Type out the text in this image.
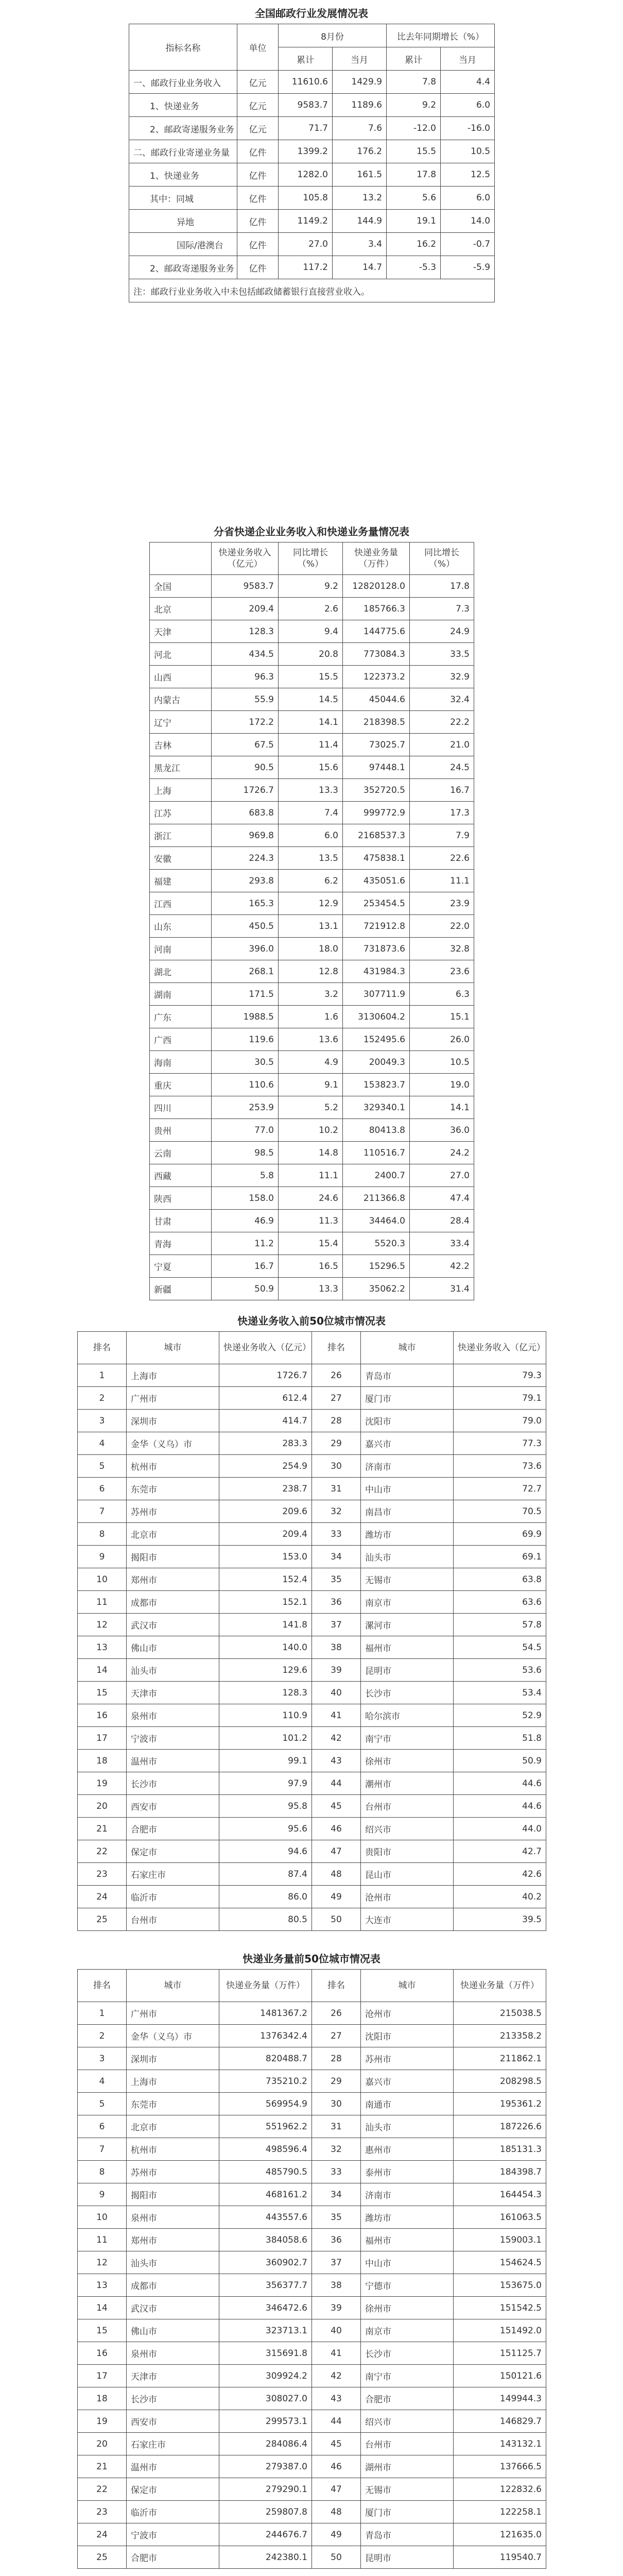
全国邮政行业发展情况表
指标名称	单位	8月份		比去年同期增长（%）	
		累计	当月	累计	当月
一、邮政行业业务收入	亿元	11610.6	1429.9	7.8	4.4
1、快递业务	亿元	9583.7	1189.6	9.2	6.0
2、邮政寄递服务业务	亿元	71.7	7.6	-12.0	-16.0
二、邮政行业寄递业务量	亿件	1399.2	176.2	15.5	10.5
1、快递业务	亿件	1282.0	161.5	17.8	12.5
其中：同城	亿件	105.8	13.2	5.6	6.0
异地	亿件	1149.2	144.9	19.1	14.0
国际/港澳台	亿件	27.0	3.4	16.2	-0.7
2、邮政寄递服务业务	亿件	117.2	14.7	-5.3	-5.9
注：邮政行业业务收入中未包括邮政储蓄银行直接营业收入。					
分省快递企业业务收入和快递业务量情况表
	快递业务收入（亿元）	同比增长（%）	快递业务量（万件）	同比增长（%）
全国	9583.7	9.2	12820128.0	17.8
北京	209.4	2.6	185766.3	7.3
天津	128.3	9.4	144775.6	24.9
河北	434.5	20.8	773084.3	33.5
山西	96.3	15.5	122373.2	32.9
内蒙古	55.9	14.5	45044.6	32.4
辽宁	172.2	14.1	218398.5	22.2
吉林	67.5	11.4	73025.7	21.0
黑龙江	90.5	15.6	97448.1	24.5
上海	1726.7	13.3	352720.5	16.7
江苏	683.8	7.4	999772.9	17.3
浙江	969.8	6.0	2168537.3	7.9
安徽	224.3	13.5	475838.1	22.6
福建	293.8	6.2	435051.6	11.1
江西	165.3	12.9	253454.5	23.9
山东	450.5	13.1	721912.8	22.0
河南	396.0	18.0	731873.6	32.8
湖北	268.1	12.8	431984.3	23.6
湖南	171.5	3.2	307711.9	6.3
广东	1988.5	1.6	3130604.2	15.1
广西	119.6	13.6	152495.6	26.0
海南	30.5	4.9	20049.3	10.5
重庆	110.6	9.1	153823.7	19.0
四川	253.9	5.2	329340.1	14.1
贵州	77.0	10.2	80413.8	36.0
云南	98.5	14.8	110516.7	24.2
西藏	5.8	11.1	2400.7	27.0
陕西	158.0	24.6	211366.8	47.4
甘肃	46.9	11.3	34464.0	28.4
青海	11.2	15.4	5520.3	33.4
宁夏	16.7	16.5	15296.5	42.2
新疆	50.9	13.3	35062.2	31.4
快递业务收入前50位城市情况表
排名	城市	快递业务收入（亿元）	排名	城市	快递业务收入（亿元）
1	上海市	1726.7	26	青岛市	79.3
2	广州市	612.4	27	厦门市	79.1
3	深圳市	414.7	28	沈阳市	79.0
4	金华（义乌）市	283.3	29	嘉兴市	77.3
5	杭州市	254.9	30	济南市	73.6
6	东莞市	238.7	31	中山市	72.7
7	苏州市	209.6	32	南昌市	70.5
8	北京市	209.4	33	潍坊市	69.9
9	揭阳市	153.0	34	汕头市	69.1
10	郑州市	152.4	35	无锡市	63.8
11	成都市	152.1	36	南京市	63.6
12	武汉市	141.8	37	漯河市	57.8
13	佛山市	140.0	38	福州市	54.5
14	汕头市	129.6	39	昆明市	53.6
15	天津市	128.3	40	长沙市	53.4
16	泉州市	110.9	41	哈尔滨市	52.9
17	宁波市	101.2	42	南宁市	51.8
18	温州市	99.1	43	徐州市	50.9
19	长沙市	97.9	44	潮州市	44.6
20	西安市	95.8	45	台州市	44.6
21	合肥市	95.6	46	绍兴市	44.0
22	保定市	94.6	47	贵阳市	42.7
23	石家庄市	87.4	48	昆山市	42.6
24	临沂市	86.0	49	沧州市	40.2
25	台州市	80.5	50	大连市	39.5
快递业务量前50位城市情况表
排名	城市	快递业务量（万件）	排名	城市	快递业务量（万件）
1	广州市	1481367.2	26	沧州市	215038.5
2	金华（义乌）市	1376342.4	27	沈阳市	213358.2
3	深圳市	820488.7	28	苏州市	211862.1
4	上海市	735210.2	29	嘉兴市	208298.5
5	东莞市	569954.9	30	南通市	195361.2
6	北京市	551962.2	31	汕头市	187226.6
7	杭州市	498596.4	32	惠州市	185131.3
8	苏州市	485790.5	33	泰州市	184398.7
9	揭阳市	468161.2	34	济南市	164454.3
10	泉州市	443557.6	35	潍坊市	161063.5
11	郑州市	384058.6	36	福州市	159003.1
12	汕头市	360902.7	37	中山市	154624.5
13	成都市	356377.7	38	宁德市	153675.0
14	武汉市	346472.6	39	徐州市	151542.5
15	佛山市	323713.1	40	南京市	151492.0
16	泉州市	315691.8	41	长沙市	151125.7
17	天津市	309924.2	42	南宁市	150121.6
18	长沙市	308027.0	43	合肥市	149944.3
19	西安市	299573.1	44	绍兴市	146829.7
20	石家庄市	284086.4	45	台州市	143132.1
21	温州市	279387.0	46	湖州市	137666.5
22	保定市	279290.1	47	无锡市	122832.6
23	临沂市	259807.8	48	厦门市	122258.1
24	宁波市	244676.7	49	青岛市	121635.0
25	合肥市	242380.1	50	昆明市	119540.7
